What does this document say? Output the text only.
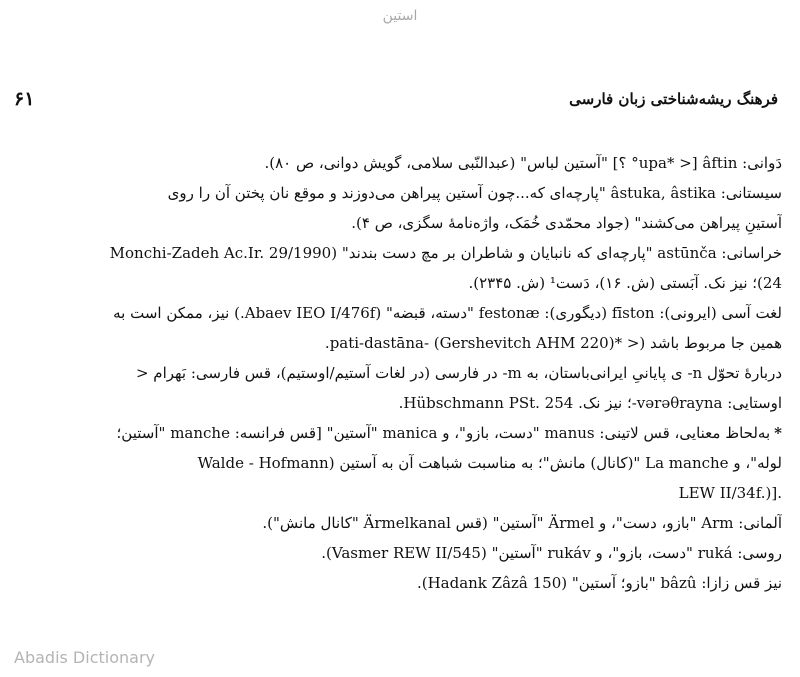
استین
۶۱	فرهنگ ریشه‌شناختی زبان فارسی
دَوانی: âftin [< *upa° ؟] "آستین لباس" (عبدالنّبی سلامی، گویش دوانی، ص ۸۰).
سیستانی: âstuka, âstika "پارچه‌ای که...چون آستین پیراهن می‌دوزند و موقع نان پختن آن را روی
آستینِ پیراهن می‌کشند" (جواد محمّدی خُمَک، واژه‌نامهٔ سگزی، ص ۴).
خراسانی: astūnča "پارچه‌ای که نانبایان و شاطران بر مچ دست بندند" (Monchi-Zadeh Ac.Ir. 29/1990
24)؛ نیز نک. آبَستی (ش. ۱۶)، دَست¹ (ش. ۲۳۴۵).
لغت آسی (ایرونی): fīston (دیگوری): festonæ "دسته، قبضه" (Abaev IEO I/476f.) نیز، ممکن است به
همین جا مربوط باشد (< *pati-dastāna- (Gershevitch AHM 220).
دربارهٔ تحوّل n- ی پایانیِ ایرانی‌باستان، به m- در فارسی (در لغات آستیم/اوستیم)، قس فارسی: بَهرام <
اوستایی: vərəθrayna-؛ نیز نک. Hübschmann PSt. 254.
* به‌لحاظ معنایی، قس لاتینی: manus "دست، بازو"، و manica "آستین" [قس فرانسه: manche "آستین؛
لوله"، و La manche "(کانال) مانش"؛ به مناسبت شباهت آن به آستین (Walde - Hofmann
LEW II/34f.)].
آلمانی: Arm "بازو، دست"، و Ärmel "آستین" (قس Ärmelkanal "کانال مانش").
روسی: ruká "دست، بازو"، و rukáv "آستین" (Vasmer REW II/545).
نیز قس زازا: bâzû "بازو؛ آستین" (Hadank Zâzâ 150).
Abadis Dictionary
